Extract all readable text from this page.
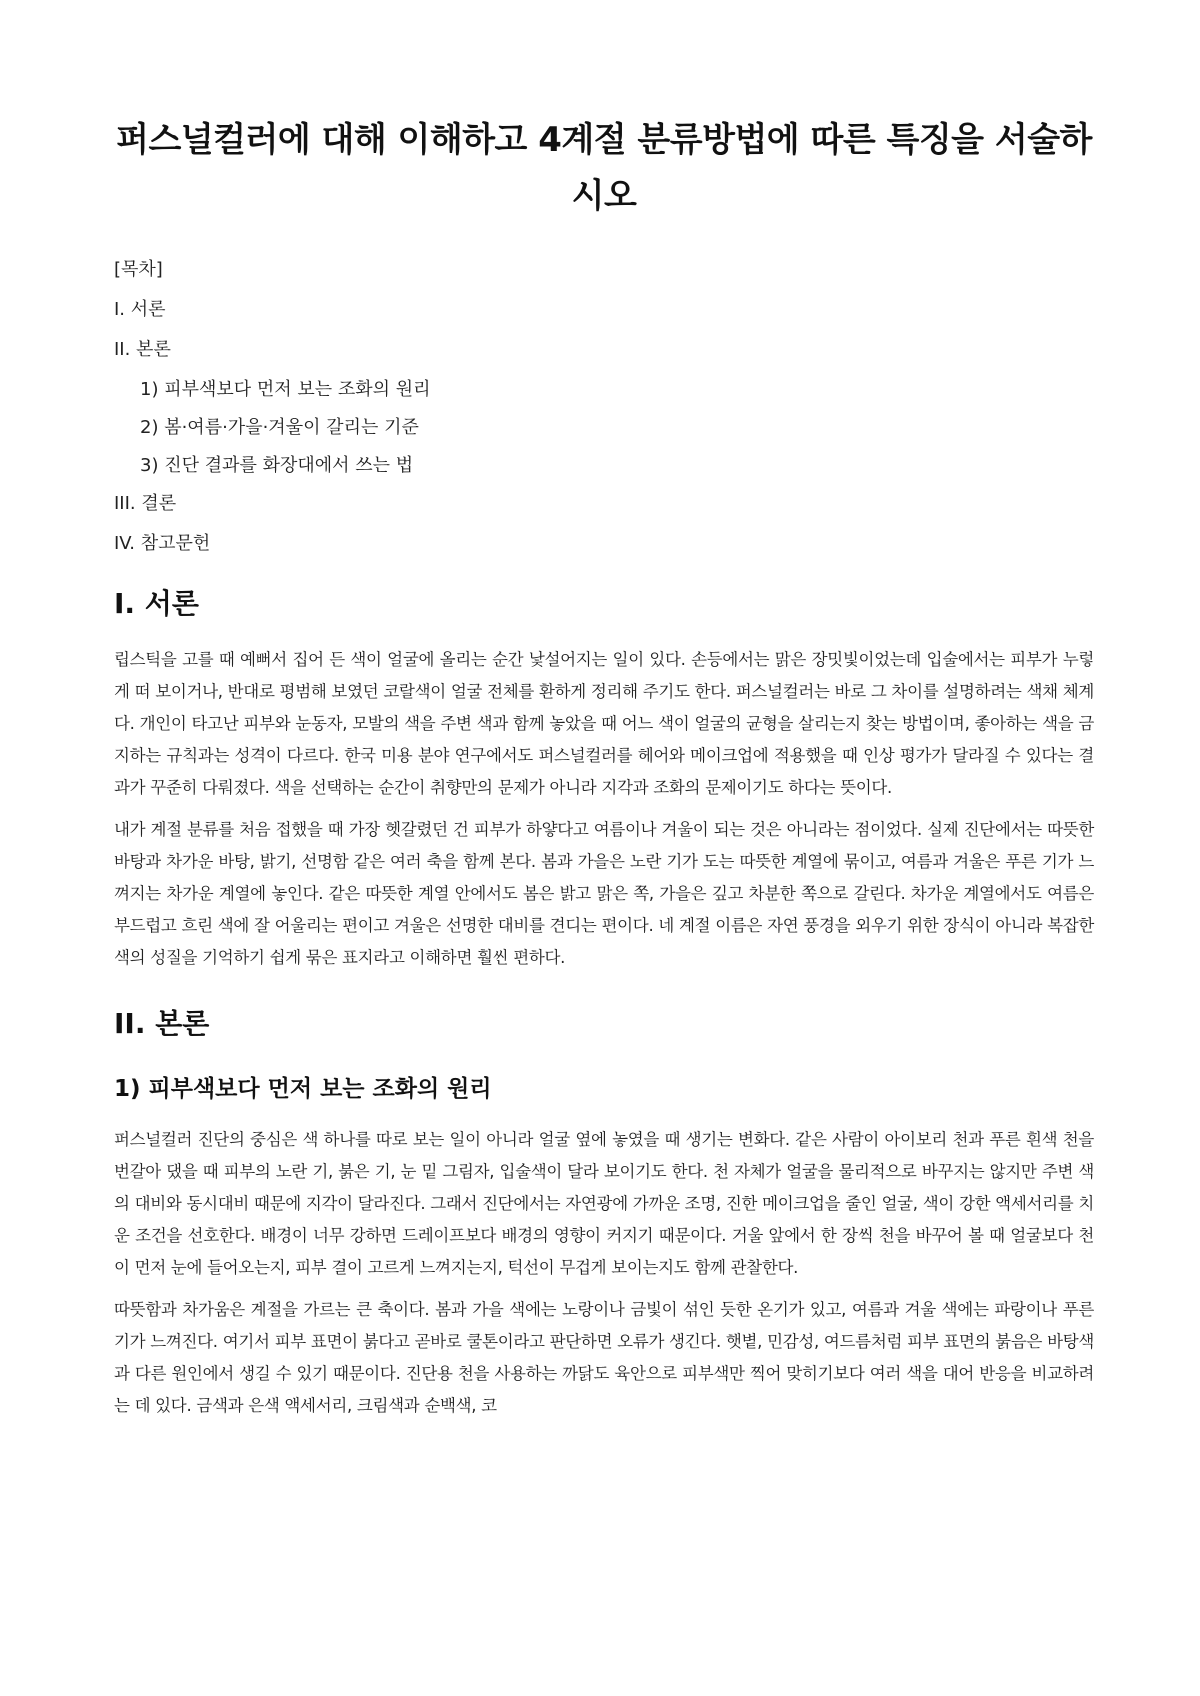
퍼스널컬러에 대해 이해하고 4계절 분류방법에 따른 특징을 서술하시오
[목차]
I. 서론
II. 본론
1) 피부색보다 먼저 보는 조화의 원리
2) 봄·여름·가을·겨울이 갈리는 기준
3) 진단 결과를 화장대에서 쓰는 법
III. 결론
IV. 참고문헌
I. 서론

립스틱을 고를 때 예뻐서 집어 든 색이 얼굴에 올리는 순간 낯설어지는 일이 있다. 손등에서는 맑은 장밋빛이었는데 입술에서는 피부가 누렇게 떠 보이거나, 반대로 평범해 보였던 코랄색이 얼굴 전체를 환하게 정리해 주기도 한다. 퍼스널컬러는 바로 그 차이를 설명하려는 색채 체계다. 개인이 타고난 피부와 눈동자, 모발의 색을 주변 색과 함께 놓았을 때 어느 색이 얼굴의 균형을 살리는지 찾는 방법이며, 좋아하는 색을 금지하는 규칙과는 성격이 다르다. 한국 미용 분야 연구에서도 퍼스널컬러를 헤어와 메이크업에 적용했을 때 인상 평가가 달라질 수 있다는 결과가 꾸준히 다뤄졌다. 색을 선택하는 순간이 취향만의 문제가 아니라 지각과 조화의 문제이기도 하다는 뜻이다.

내가 계절 분류를 처음 접했을 때 가장 헷갈렸던 건 피부가 하얗다고 여름이나 겨울이 되는 것은 아니라는 점이었다. 실제 진단에서는 따뜻한 바탕과 차가운 바탕, 밝기, 선명함 같은 여러 축을 함께 본다. 봄과 가을은 노란 기가 도는 따뜻한 계열에 묶이고, 여름과 겨울은 푸른 기가 느껴지는 차가운 계열에 놓인다. 같은 따뜻한 계열 안에서도 봄은 밝고 맑은 쪽, 가을은 깊고 차분한 쪽으로 갈린다. 차가운 계열에서도 여름은 부드럽고 흐린 색에 잘 어울리는 편이고 겨울은 선명한 대비를 견디는 편이다. 네 계절 이름은 자연 풍경을 외우기 위한 장식이 아니라 복잡한 색의 성질을 기억하기 쉽게 묶은 표지라고 이해하면 훨씬 편하다.

II. 본론
1) 피부색보다 먼저 보는 조화의 원리

퍼스널컬러 진단의 중심은 색 하나를 따로 보는 일이 아니라 얼굴 옆에 놓였을 때 생기는 변화다. 같은 사람이 아이보리 천과 푸른 흰색 천을 번갈아 댔을 때 피부의 노란 기, 붉은 기, 눈 밑 그림자, 입술색이 달라 보이기도 한다. 천 자체가 얼굴을 물리적으로 바꾸지는 않지만 주변 색의 대비와 동시대비 때문에 지각이 달라진다. 그래서 진단에서는 자연광에 가까운 조명, 진한 메이크업을 줄인 얼굴, 색이 강한 액세서리를 치운 조건을 선호한다. 배경이 너무 강하면 드레이프보다 배경의 영향이 커지기 때문이다. 거울 앞에서 한 장씩 천을 바꾸어 볼 때 얼굴보다 천이 먼저 눈에 들어오는지, 피부 결이 고르게 느껴지는지, 턱선이 무겁게 보이는지도 함께 관찰한다.

따뜻함과 차가움은 계절을 가르는 큰 축이다. 봄과 가을 색에는 노랑이나 금빛이 섞인 듯한 온기가 있고, 여름과 겨울 색에는 파랑이나 푸른 기가 느껴진다. 여기서 피부 표면이 붉다고 곧바로 쿨톤이라고 판단하면 오류가 생긴다. 햇볕, 민감성, 여드름처럼 피부 표면의 붉음은 바탕색과 다른 원인에서 생길 수 있기 때문이다. 진단용 천을 사용하는 까닭도 육안으로 피부색만 찍어 맞히기보다 여러 색을 대어 반응을 비교하려는 데 있다. 금색과 은색 액세서리, 크림색과 순백색, 코
